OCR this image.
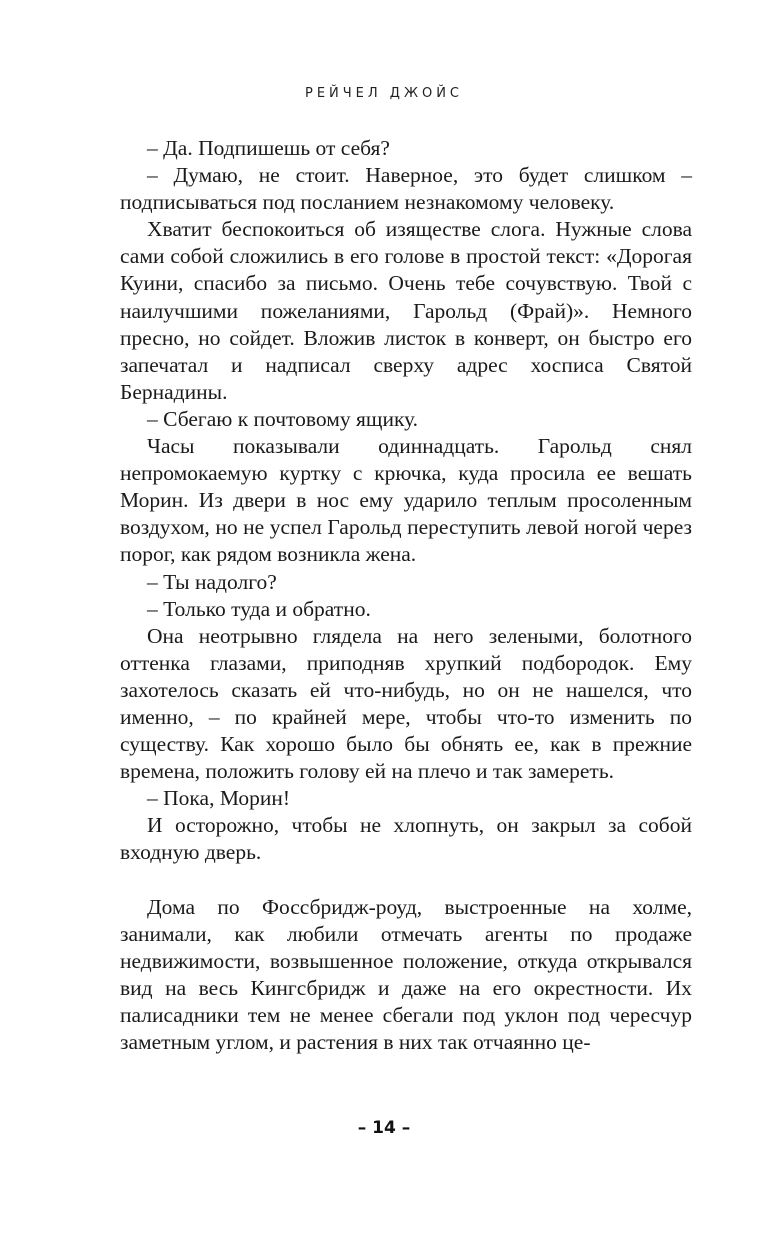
РЕЙЧЕЛ ДЖОЙС

– Да. Подпишешь от себя?

– Думаю, не стоит. Наверное, это будет слишком – подписываться под посланием незнакомому человеку.

Хватит беспокоиться об изяществе слога. Нужные слова сами собой сложились в его голове в простой текст: «Дорогая Куини, спасибо за письмо. Очень тебе сочувствую. Твой с наилучшими пожеланиями, Гарольд (Фрай)». Немного пресно, но сойдет. Вложив листок в конверт, он быстро его запечатал и надписал сверху адрес хосписа Святой Бернадины.

– Сбегаю к почтовому ящику.

Часы показывали одиннадцать. Гарольд снял непромокаемую куртку с крючка, куда просила ее вешать Морин. Из двери в нос ему ударило теплым просоленным воздухом, но не успел Гарольд переступить левой ногой через порог, как рядом возникла жена.

– Ты надолго?

– Только туда и обратно.

Она неотрывно глядела на него зелеными, болотного оттенка глазами, приподняв хрупкий подбородок. Ему захотелось сказать ей что-нибудь, но он не нашелся, что именно, – по крайней мере, чтобы что-то изменить по существу. Как хорошо было бы обнять ее, как в прежние времена, положить голову ей на плечо и так замереть.

– Пока, Морин!

И осторожно, чтобы не хлопнуть, он закрыл за собой входную дверь.

Дома по Фоссбридж-роуд, выстроенные на холме, занимали, как любили отмечать агенты по продаже недвижимости, возвышенное положение, откуда открывался вид на весь Кингсбридж и даже на его окрестности. Их палисадники тем не менее сбегали под уклон под чересчур заметным углом, и растения в них так отчаянно це-

– 14 –
